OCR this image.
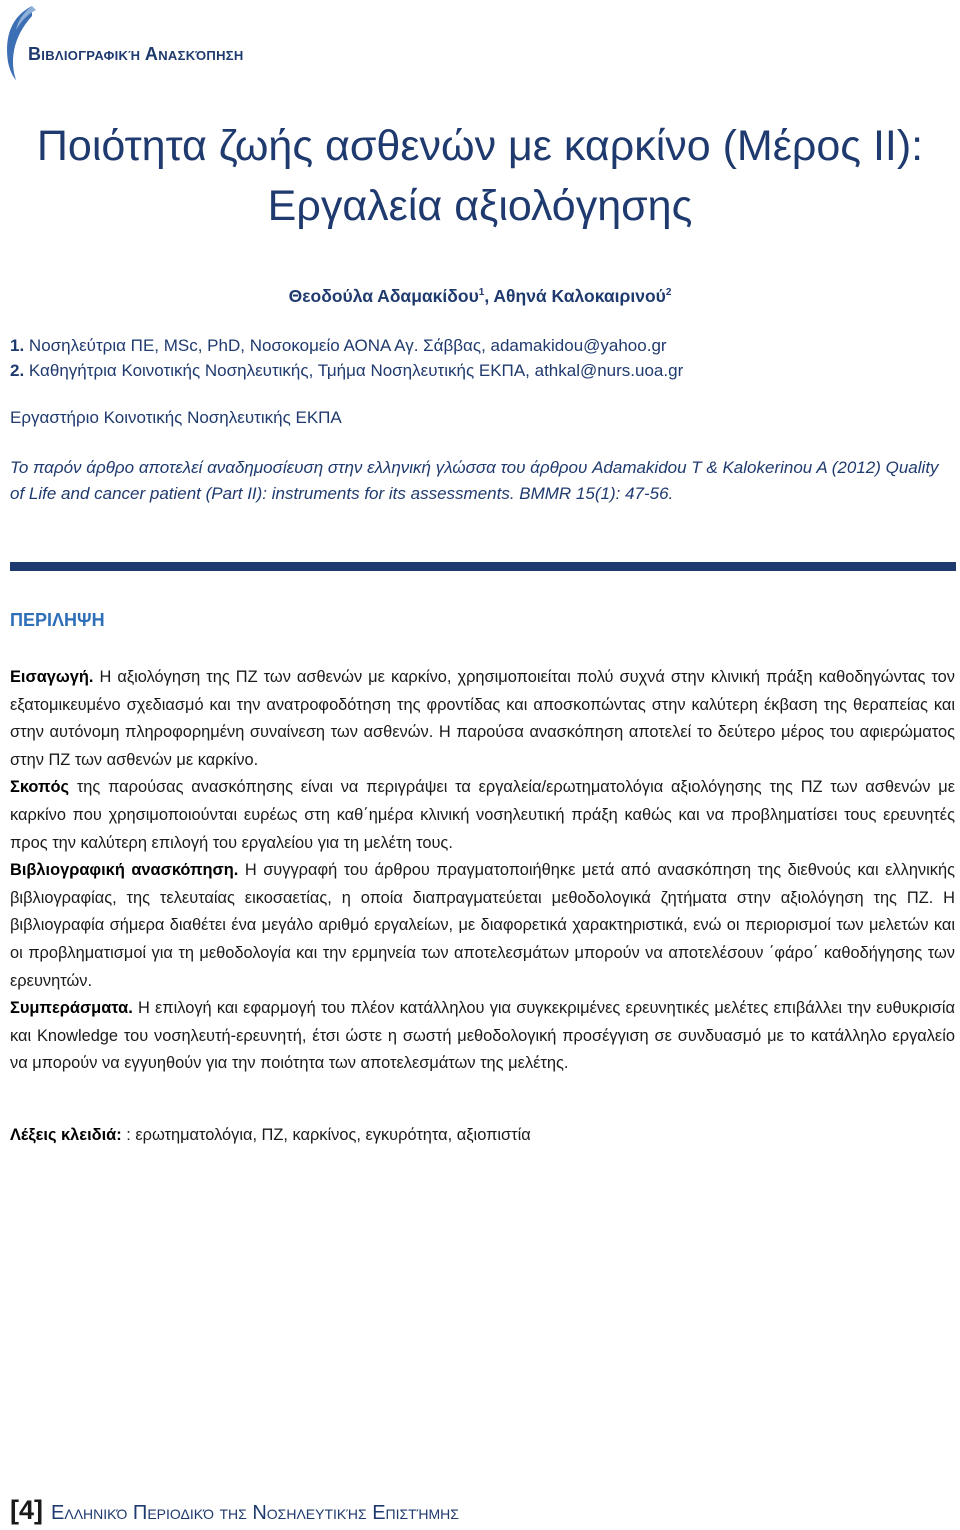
Βιβλιογραφική Ανασκόπηση
Ποιότητα ζωής ασθενών με καρκίνο (Μέρος ΙΙ):
Εργαλεία αξιολόγησης
Θεοδούλα Αδαμακίδου$^1$, Αθηνά Καλοκαιρινού$^2$
1. Νοσηλεύτρια ΠΕ, MSc, PhD, Νοσοκομείο ΑΟΝΑ Αγ. Σάββας, adamakidou@yahoo.gr
2. Καθηγήτρια Κοινοτικής Νοσηλευτικής, Τμήμα Νοσηλευτικής ΕΚΠΑ, athkal@nurs.uoa.gr
Εργαστήριο Κοινοτικής Νοσηλευτικής ΕΚΠΑ
Το παρόν άρθρο αποτελεί αναδημοσίευση στην ελληνική γλώσσα του άρθρου Adamakidou T & Kalokerinou A (2012) Quality of Life and cancer patient (Part II): instruments for its assessments. BMMR 15(1): 47-56.
ΠΕΡΙΛΗΨΗ

Εισαγωγή. Η αξιολόγηση της ΠΖ των ασθενών με καρκίνο, χρησιμοποιείται πολύ συχνά στην κλινική πράξη καθοδηγώντας τον εξατομικευμένο σχεδιασμό και την ανατροφοδότηση της φροντίδας και αποσκοπώντας στην καλύτερη έκβαση της θεραπείας και στην αυτόνομη πληροφορημένη συναίνεση των ασθενών. Η παρούσα ανασκόπηση αποτελεί το δεύτερο μέρος του αφιερώματος στην ΠΖ των ασθενών με καρκίνο.

Σκοπός της παρούσας ανασκόπησης είναι να περιγράψει τα εργαλεία/ερωτηματολόγια αξιολόγησης της ΠΖ των ασθενών με καρκίνο που χρησιμοποιούνται ευρέως στη καθ΄ημέρα κλινική νοσηλευτική πράξη καθώς και να προβληματίσει τους ερευνητές προς την καλύτερη επιλογή του εργαλείου για τη μελέτη τους.

Βιβλιογραφική ανασκόπηση. Η συγγραφή του άρθρου πραγματοποιήθηκε μετά από ανασκόπηση της διεθνούς και ελληνικής βιβλιογραφίας, της τελευταίας εικοσαετίας, η οποία διαπραγματεύεται μεθοδολογικά ζητήματα στην αξιολόγηση της ΠΖ. Η βιβλιογραφία σήμερα διαθέτει ένα μεγάλο αριθμό εργαλείων, με διαφορετικά χαρακτηριστικά, ενώ οι περιορισμοί των μελετών και οι προβληματισμοί για τη μεθοδολογία και την ερμηνεία των αποτελεσμάτων μπορούν να αποτελέσουν ΄φάρο΄ καθοδήγησης των ερευνητών.

Συμπεράσματα. Η επιλογή και εφαρμογή του πλέον κατάλληλου για συγκεκριμένες ερευνητικές μελέτες επιβάλλει την ευθυκρισία και Knowledge του νοσηλευτή-ερευνητή, έτσι ώστε η σωστή μεθοδολογική προσέγγιση σε συνδυασμό με το κατάλληλο εργαλείο να μπορούν να εγγυηθούν για την ποιότητα των αποτελεσμάτων της μελέτης.

Λέξεις κλειδιά: : ερωτηματολόγια, ΠΖ, καρκίνος, εγκυρότητα, αξιοπιστία
[4] Ελληνικό Περιοδικό της Νοσηλευτικής Επιστήμης
